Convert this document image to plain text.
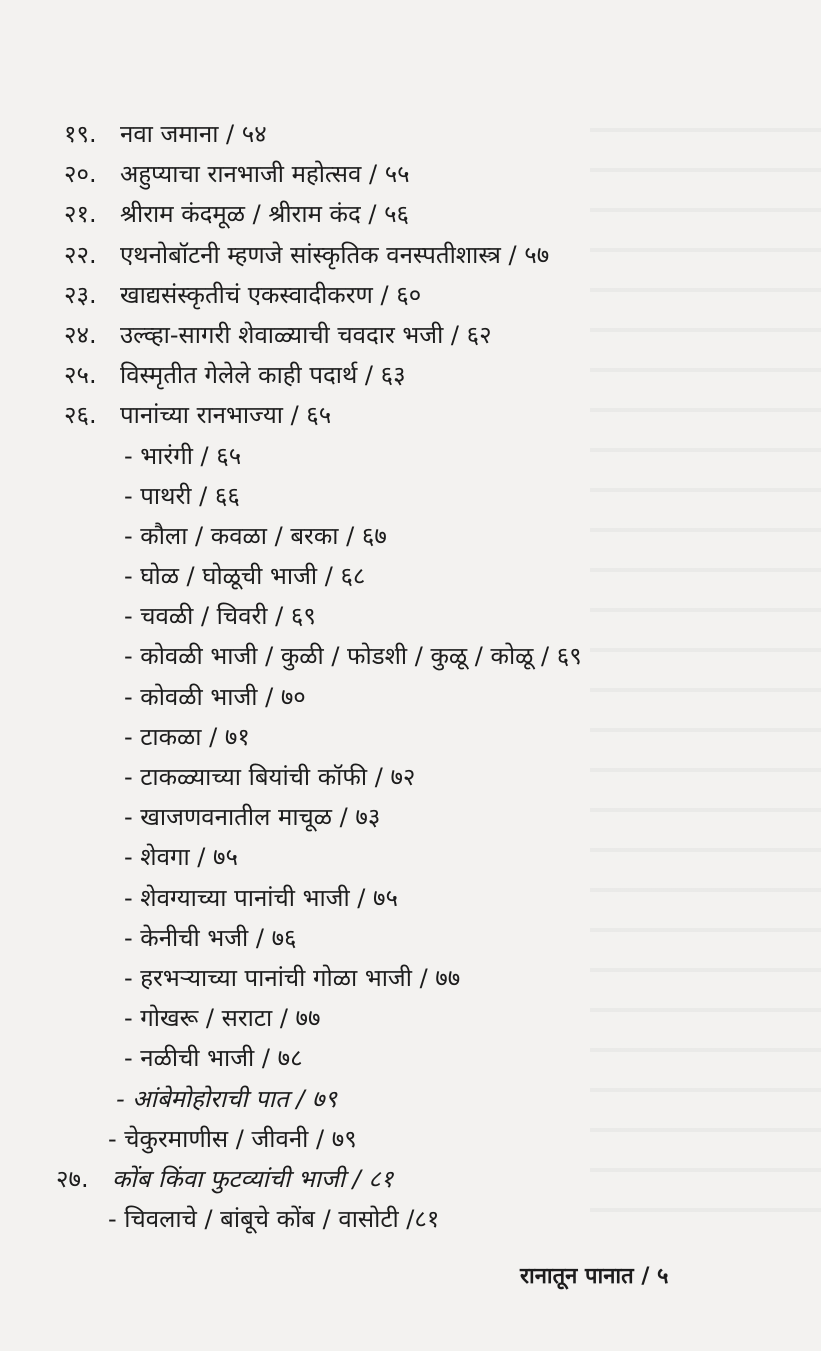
१९. नवा जमाना / ५४
२०. अहुप्याचा रानभाजी महोत्सव / ५५
२१. श्रीराम कंदमूळ / श्रीराम कंद / ५६
२२. एथनोबॉटनी म्हणजे सांस्कृतिक वनस्पतीशास्त्र / ५७
२३. खाद्यसंस्कृतीचं एकस्वादीकरण / ६०
२४. उल्व्हा-सागरी शेवाळ्याची चवदार भजी / ६२
२५. विस्मृतीत गेलेले काही पदार्थ / ६३
२६. पानांच्या रानभाज्या / ६५
- भारंगी / ६५
- पाथरी / ६६
- कौला / कवळा / बरका / ६७
- घोळ / घोळूची भाजी / ६८
- चवळी / चिवरी / ६९
- कोवळी भाजी / कुळी / फोडशी / कुळू / कोळू / ६९
- कोवळी भाजी / ७०
- टाकळा / ७१
- टाकळ्याच्या बियांची कॉफी / ७२
- खाजणवनातील माचूळ / ७३
- शेवगा / ७५
- शेवग्याच्या पानांची भाजी / ७५
- केनीची भजी / ७६
- हरभऱ्याच्या पानांची गोळा भाजी / ७७
- गोखरू / सराटा / ७७
- नळीची भाजी / ७८
- आंबेमोहोराची पात / ७९
- चेकुरमाणीस / जीवनी / ७९
२७. कोंब किंवा फुटव्यांची भाजी / ८१
- चिवलाचे / बांबूचे कोंब / वासोटी /८१
रानातून पानात / ५
